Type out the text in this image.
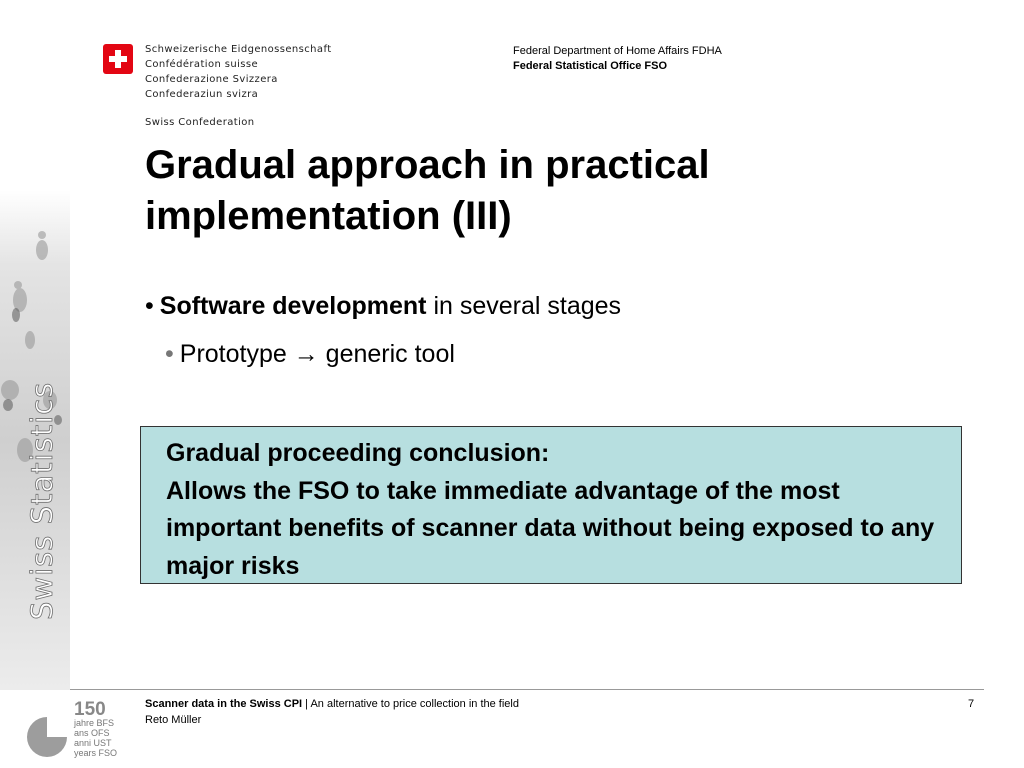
Schweizerische Eidgenossenschaft
Confédération suisse
Confederazione Svizzera
Confederaziun svizra
Swiss Confederation
Federal Department of Home Affairs FDHA
Federal Statistical Office FSO
Swiss Statistics
Gradual approach in practical implementation (III)
• Software development in several stages
• Prototype → generic tool
Gradual proceeding conclusion:
Allows the FSO to take immediate advantage of the most important benefits of scanner data without being exposed to any major risks
150
jahre BFS
ans OFS
anni UST
years FSO
Scanner data in the Swiss CPI | An alternative to price collection in the field
Reto Müller
7
